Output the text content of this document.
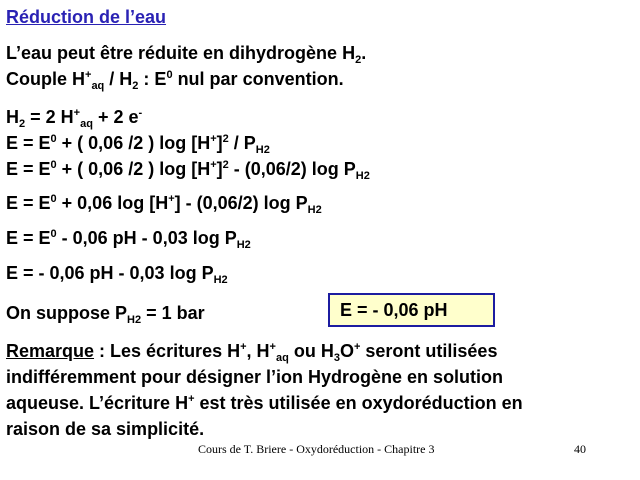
Réduction de l’eau
L’eau peut être réduite en dihydrogène $H_2$.
Couple $H^+_{aq} / H_2$ : $E^0$ nul par convention.
$H_2 = 2$ $H^+_{aq} + 2$ e-
$E = E^0$ + ( 0,06 /2 ) $\log [H^+]^2 / P_{H2}$
$E = E^0$ + ( 0,06 /2 ) $\log [H^+]^2 - (0,06/2)$ $\log P_{H2}$
$E = E^0 + 0,06$ log [H+] - (0,06/2) $\log P_{H2}$
$E = E^0 - 0,06$ pH - 0,03 $\log P_{H2}$
E = - 0,06 pH - 0,03 $\log P_{H2}$
On suppose $P_{H2} = 1$ bar	E = - 0,06 pH
Remarque : Les écritures H+, $H^+_{aq}$ ou $H_3O^+$ seront utilisées
indifféremment pour désigner l’ion Hydrogène en solution
aqueuse. L’écriture H+ est très utilisée en oxydoréduction en
raison de sa simplicité.
Cours de T. Briere - Oxydoréduction - Chapitre 3	40
